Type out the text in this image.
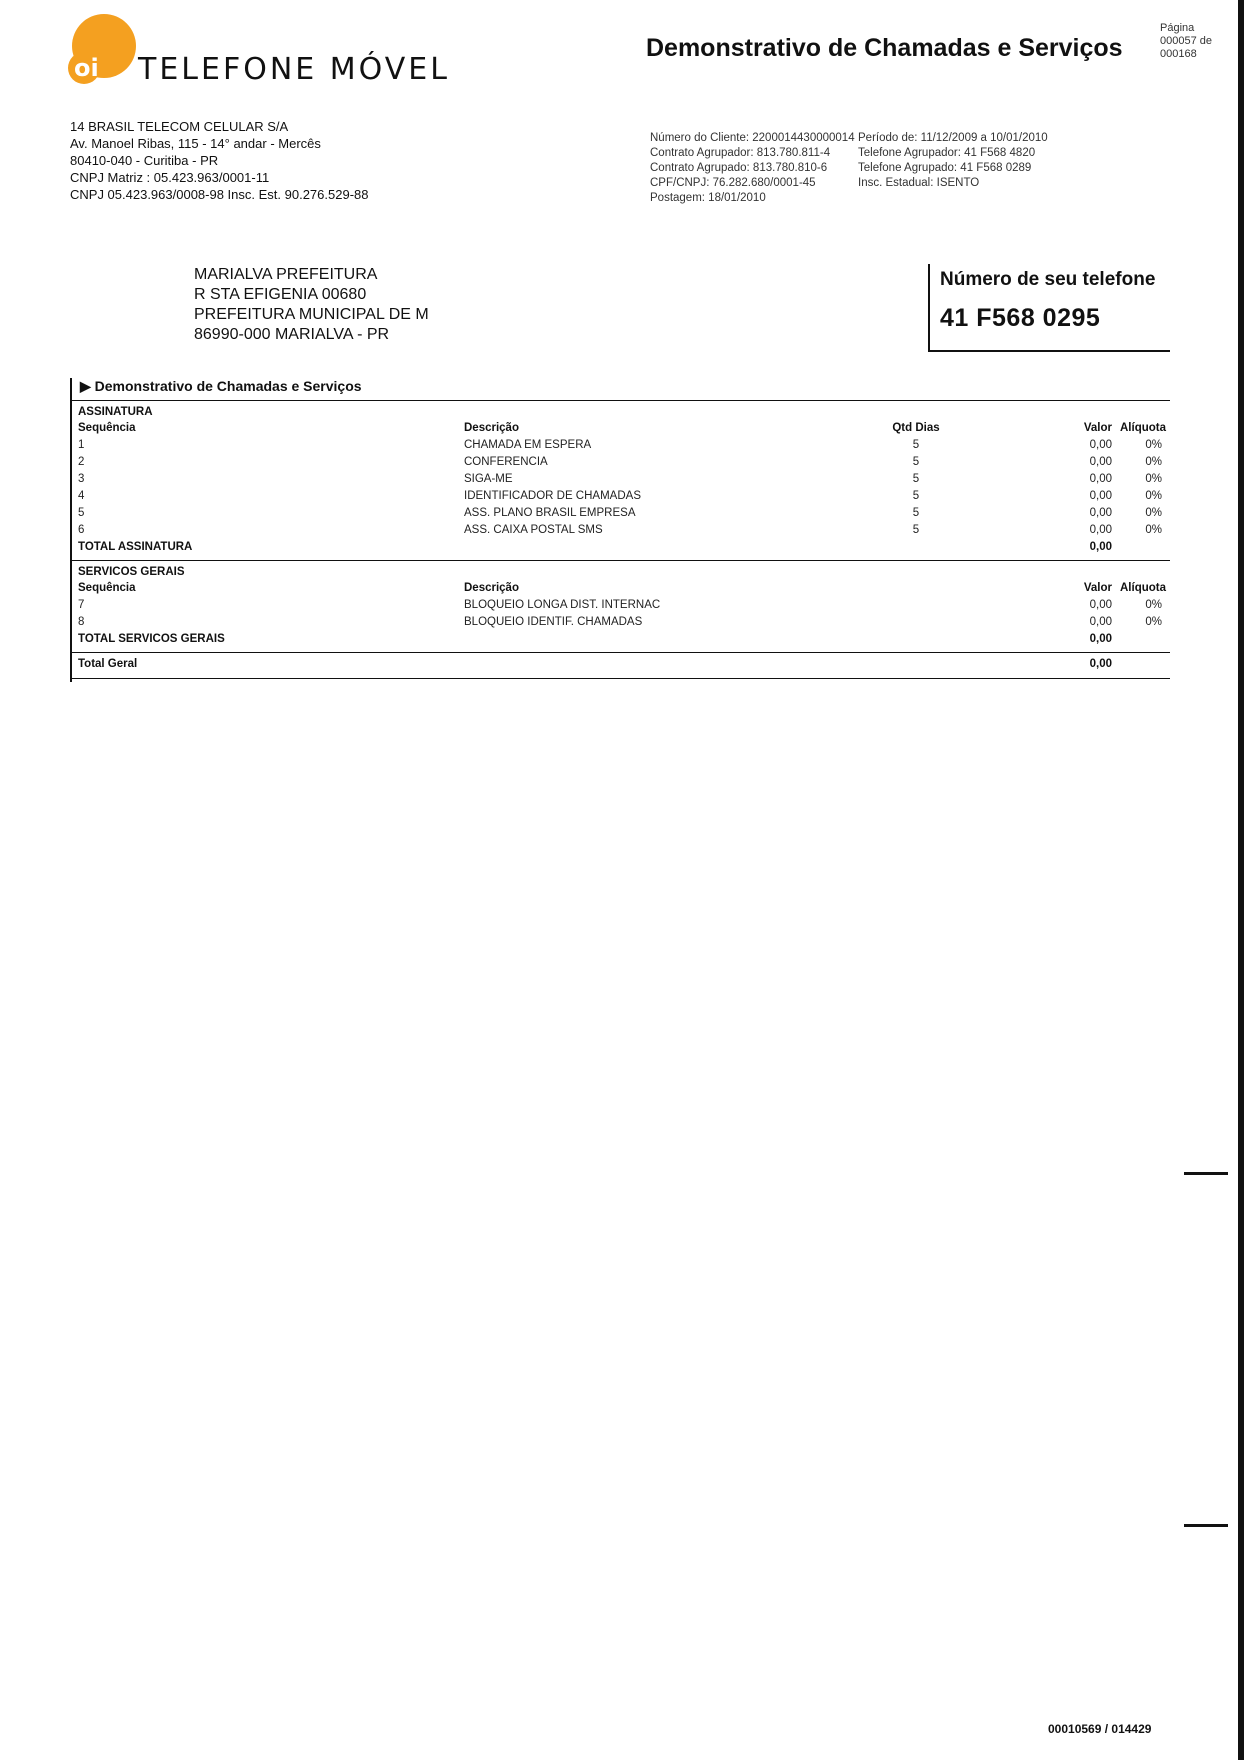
oi TELEFONE MÓVEL
Demonstrativo de Chamadas e Serviços
Página
000057 de
000168
14 BRASIL TELECOM CELULAR S/A
Av. Manoel Ribas, 115 - 14° andar - Mercês
80410-040 - Curitiba - PR
CNPJ Matriz : 05.423.963/0001-11
CNPJ 05.423.963/0008-98 Insc. Est. 90.276.529-88
Número do Cliente: 2200014430000014
Contrato Agrupador: 813.780.811-4
Contrato Agrupado: 813.780.810-6
CPF/CNPJ: 76.282.680/0001-45
Postagem: 18/01/2010
Período de: 11/12/2009 a 10/01/2010
Telefone Agrupador: 41 F568 4820
Telefone Agrupado: 41 F568 0289
Insc. Estadual: ISENTO
MARIALVA PREFEITURA
R STA EFIGENIA 00680
PREFEITURA MUNICIPAL DE M
86990-000 MARIALVA - PR
Número de seu telefone
41 F568 0295
▶ Demonstrativo de Chamadas e Serviços
ASSINATURA
Sequência	Descrição	Qtd Dias	Valor Alíquota
1	CHAMADA EM ESPERA	5	0,00	0%
2	CONFERENCIA	5	0,00	0%
3	SIGA-ME	5	0,00	0%
4	IDENTIFICADOR DE CHAMADAS	5	0,00	0%
5	ASS. PLANO BRASIL EMPRESA	5	0,00	0%
6	ASS. CAIXA POSTAL SMS	5	0,00	0%
TOTAL ASSINATURA	0,00
SERVICOS GERAIS
Sequência	Descrição	Valor Alíquota
7	BLOQUEIO LONGA DIST. INTERNAC	0,00	0%
8	BLOQUEIO IDENTIF. CHAMADAS	0,00	0%
TOTAL SERVICOS GERAIS	0,00
Total Geral	0,00
00010569 / 014429
